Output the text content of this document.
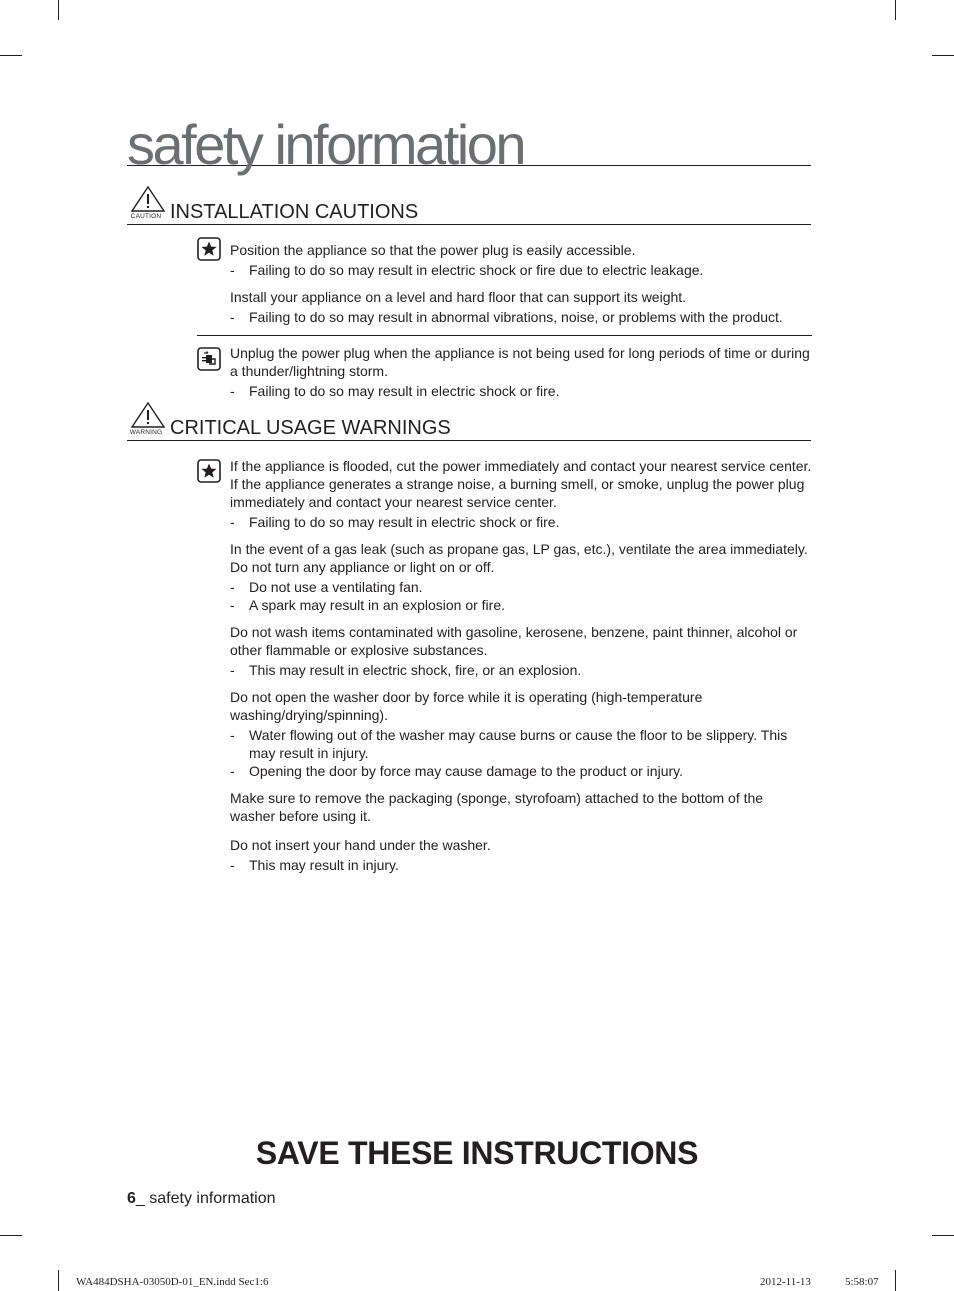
safety information
CAUTION INSTALLATION CAUTIONS

Position the appliance so that the power plug is easily accessible.

- Failing to do so may result in electric shock or fire due to electric leakage.

Install your appliance on a level and hard floor that can support its weight.

- Failing to do so may result in abnormal vibrations, noise, or problems with the product.

Unplug the power plug when the appliance is not being used for long periods of time or during a thunder/lightning storm.

- Failing to do so may result in electric shock or fire.
WARNING CRITICAL USAGE WARNINGS

If the appliance is flooded, cut the power immediately and contact your nearest service center.

If the appliance generates a strange noise, a burning smell, or smoke, unplug the power plug immediately and contact your nearest service center.

- Failing to do so may result in electric shock or fire.

In the event of a gas leak (such as propane gas, LP gas, etc.), ventilate the area immediately. Do not turn any appliance or light on or off.

- Do not use a ventilating fan.
- A spark may result in an explosion or fire.

Do not wash items contaminated with gasoline, kerosene, benzene, paint thinner, alcohol or other flammable or explosive substances.

- This may result in electric shock, fire, or an explosion.

Do not open the washer door by force while it is operating (high-temperature washing/drying/spinning).

- Water flowing out of the washer may cause burns or cause the floor to be slippery. This may result in injury.
- Opening the door by force may cause damage to the product or injury.

Make sure to remove the packaging (sponge, styrofoam) attached to the bottom of the washer before using it.

Do not insert your hand under the washer.

- This may result in injury.
SAVE THESE INSTRUCTIONS
6_ safety information
WA484DSHA-03050D-01_EN.indd Sec1:6	2012-11-13	5:58:07
